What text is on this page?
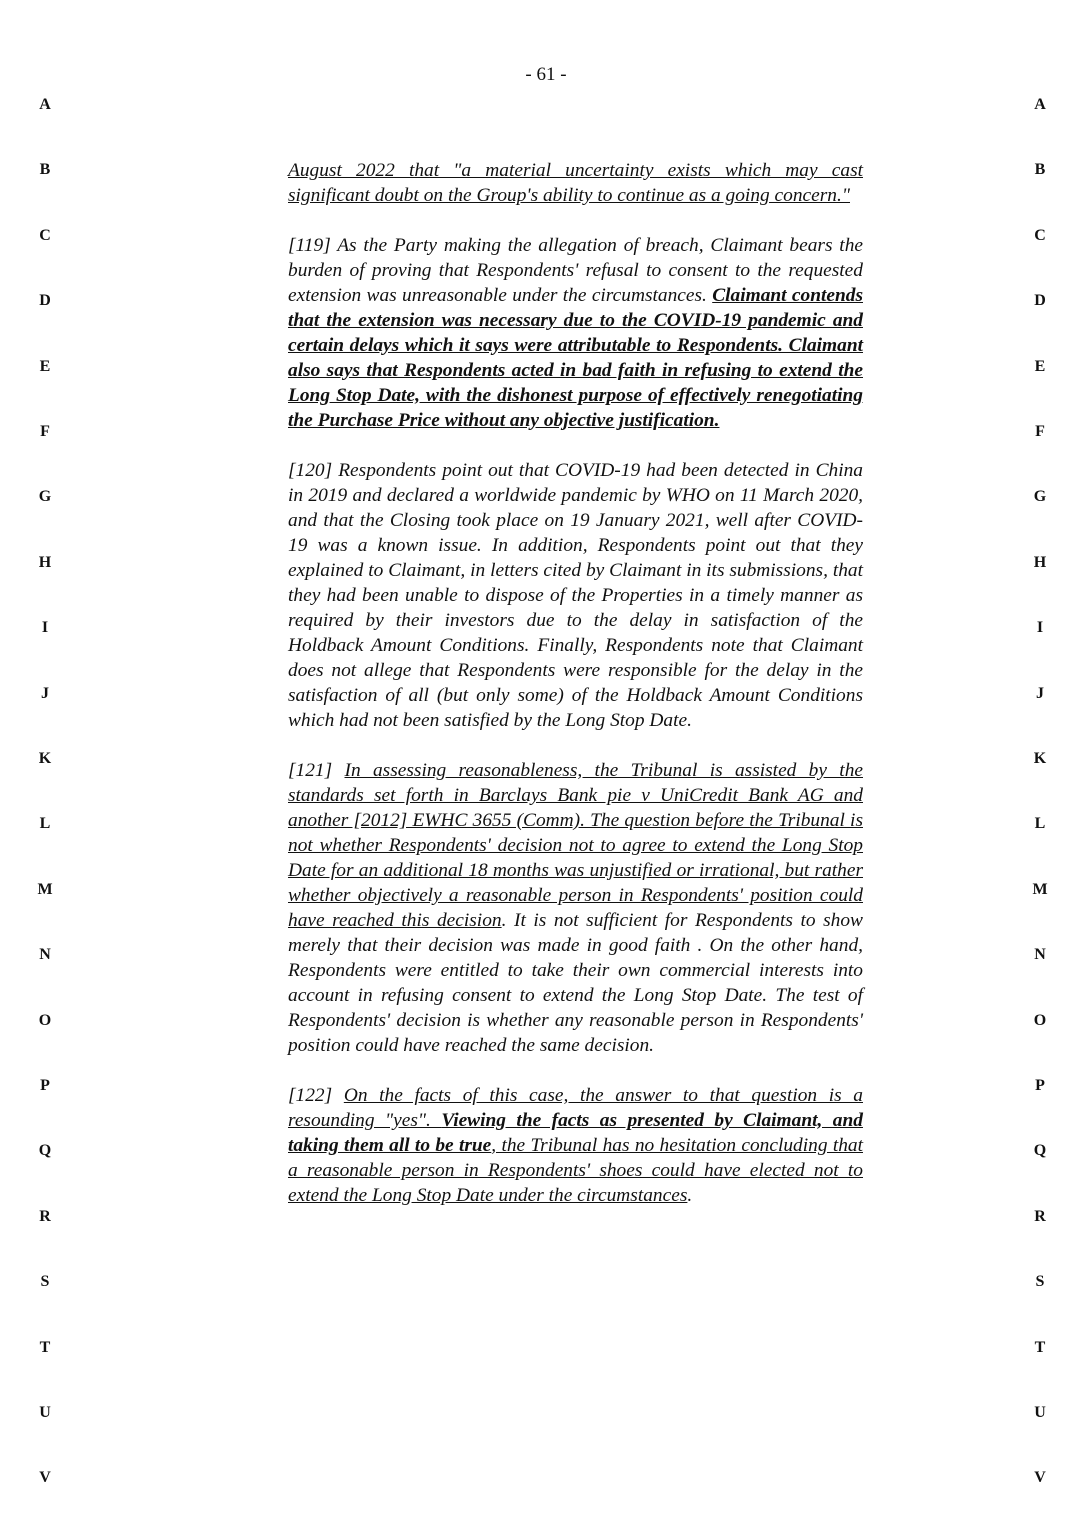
- 61 -
A
B
C
D
E
F
G
H
I
J
K
L
M
N
O
P
Q
R
S
T
U
V
A
B
C
D
E
F
G
H
I
J
K
L
M
N
O
P
Q
R
S
T
U
V

August 2022 that "a material uncertainty exists which may cast significant doubt on the Group's ability to continue as a going concern."

[119] As the Party making the allegation of breach, Claimant bears the burden of proving that Respondents' refusal to consent to the requested extension was unreasonable under the circumstances. Claimant contends that the extension was necessary due to the COVID-19 pandemic and certain delays which it says were attributable to Respondents. Claimant also says that Respondents acted in bad faith in refusing to extend the Long Stop Date, with the dishonest purpose of effectively renegotiating the Purchase Price without any objective justification.

[120] Respondents point out that COVID-19 had been detected in China in 2019 and declared a worldwide pandemic by WHO on 11 March 2020, and that the Closing took place on 19 January 2021, well after COVID-19 was a known issue. In addition, Respondents point out that they explained to Claimant, in letters cited by Claimant in its submissions, that they had been unable to dispose of the Properties in a timely manner as required by their investors due to the delay in satisfaction of the Holdback Amount Conditions. Finally, Respondents note that Claimant does not allege that Respondents were responsible for the delay in the satisfaction of all (but only some) of the Holdback Amount Conditions which had not been satisfied by the Long Stop Date.

[121] In assessing reasonableness, the Tribunal is assisted by the standards set forth in Barclays Bank pie v UniCredit Bank AG and another [2012] EWHC 3655 (Comm). The question before the Tribunal is not whether Respondents' decision not to agree to extend the Long Stop Date for an additional 18 months was unjustified or irrational, but rather whether objectively a reasonable person in Respondents' position could have reached this decision. It is not sufficient for Respondents to show merely that their decision was made in good faith . On the other hand, Respondents were entitled to take their own commercial interests into account in refusing consent to extend the Long Stop Date. The test of Respondents' decision is whether any reasonable person in Respondents' position could have reached the same decision.

[122] On the facts of this case, the answer to that question is a resounding "yes". Viewing the facts as presented by Claimant, and taking them all to be true, the Tribunal has no hesitation concluding that a reasonable person in Respondents' shoes could have elected not to extend the Long Stop Date under the circumstances.
